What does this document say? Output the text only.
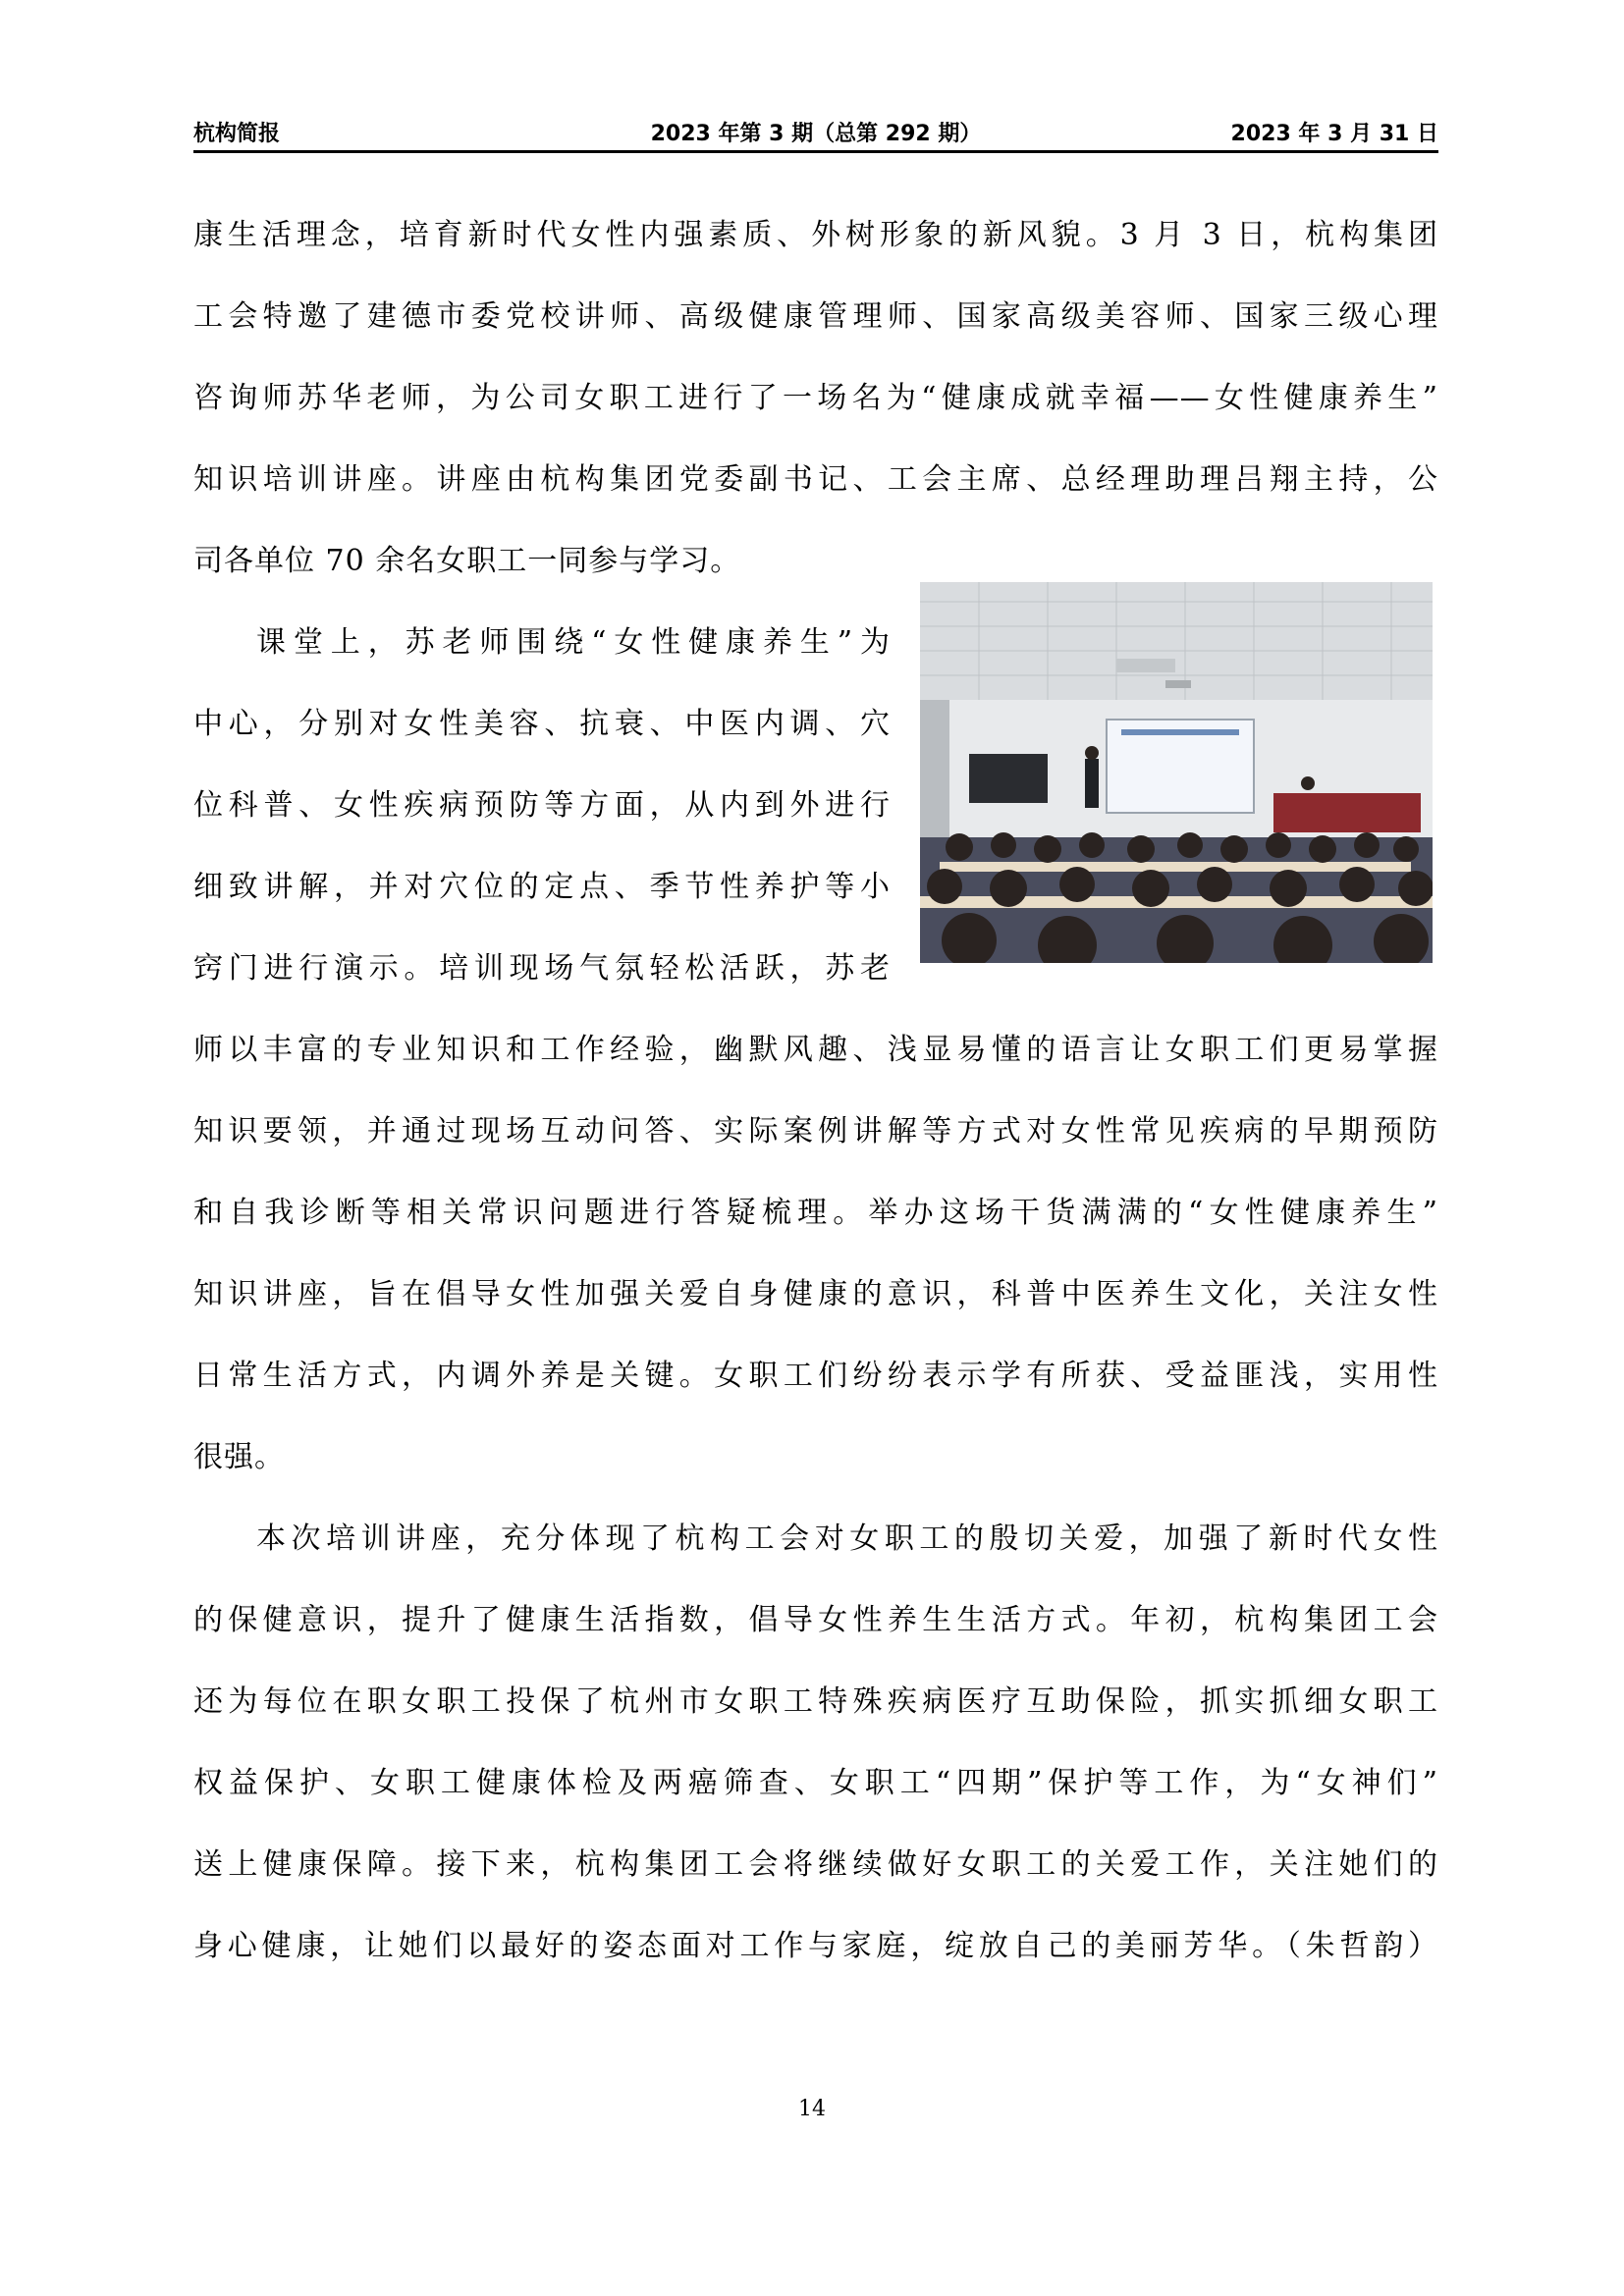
杭构简报	2023 年第 3 期（总第 292 期）	2023 年 3 月 31 日
康生活理念，培育新时代女性内强素质、外树形象的新风貌。3 月 3 日，杭构集团
工会特邀了建德市委党校讲师、高级健康管理师、国家高级美容师、国家三级心理
咨询师苏华老师，为公司女职工进行了一场名为“健康成就幸福——女性健康养生”
知识培训讲座。讲座由杭构集团党委副书记、工会主席、总经理助理吕翔主持，公
司各单位 70 余名女职工一同参与学习。
课堂上，苏老师围绕“女性健康养生”为
中心，分别对女性美容、抗衰、中医内调、穴
位科普、女性疾病预防等方面，从内到外进行
细致讲解，并对穴位的定点、季节性养护等小
窍门进行演示。培训现场气氛轻松活跃，苏老
师以丰富的专业知识和工作经验，幽默风趣、浅显易懂的语言让女职工们更易掌握
知识要领，并通过现场互动问答、实际案例讲解等方式对女性常见疾病的早期预防
和自我诊断等相关常识问题进行答疑梳理。举办这场干货满满的“女性健康养生”
知识讲座，旨在倡导女性加强关爱自身健康的意识，科普中医养生文化，关注女性
日常生活方式，内调外养是关键。女职工们纷纷表示学有所获、受益匪浅，实用性
很强。
本次培训讲座，充分体现了杭构工会对女职工的殷切关爱，加强了新时代女性
的保健意识，提升了健康生活指数，倡导女性养生生活方式。年初，杭构集团工会
还为每位在职女职工投保了杭州市女职工特殊疾病医疗互助保险，抓实抓细女职工
权益保护、女职工健康体检及两癌筛查、女职工“四期”保护等工作，为“女神们”
送上健康保障。接下来，杭构集团工会将继续做好女职工的关爱工作，关注她们的
身心健康，让她们以最好的姿态面对工作与家庭，绽放自己的美丽芳华。（朱哲韵）
14
